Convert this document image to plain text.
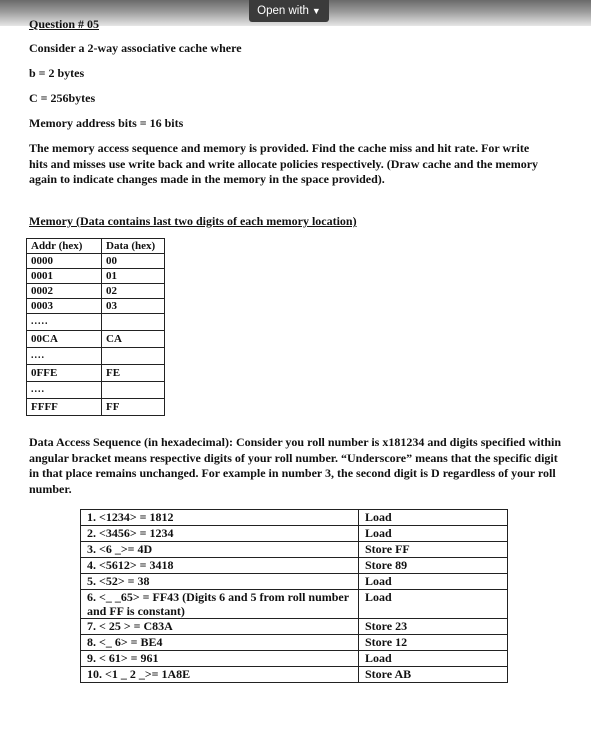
Open with ▼
Question # 05
Consider a 2-way associative cache where
b = 2 bytes
C = 256bytes
Memory address bits = 16 bits
The memory access sequence and memory is provided. Find the cache miss and hit rate. For write hits and misses use write back and write allocate policies respectively. (Draw cache and the memory again to indicate changes made in the memory in the space provided).
Memory (Data contains last two digits of each memory location)
Addr (hex)	Data (hex)
0000	00
0001	01
0002	02
0003	03

.....	

00CA	CA

....	

0FFE	FE

....	

FFFF	FF
Data Access Sequence (in hexadecimal): Consider you roll number is x181234 and digits specified within angular bracket means respective digits of your roll number. “Underscore” means that the specific digit in that place remains unchanged. For example in number 3, the second digit is D regardless of your roll number.
1. <1234> = 1812	Load
2. <3456> = 1234	Load
3. <6 _>= 4D	Store FF
4. <5612> = 3418	Store 89
5. <52> = 38	Load
6. <_ _65> = FF43 (Digits 6 and 5 from roll number and FF is constant)	Load
7. < 25 > = C83A	Store 23
8. <_ 6> = BE4	Store 12
9. < 61> = 961	Load
10. <1 _ 2 _>= 1A8E	Store AB
